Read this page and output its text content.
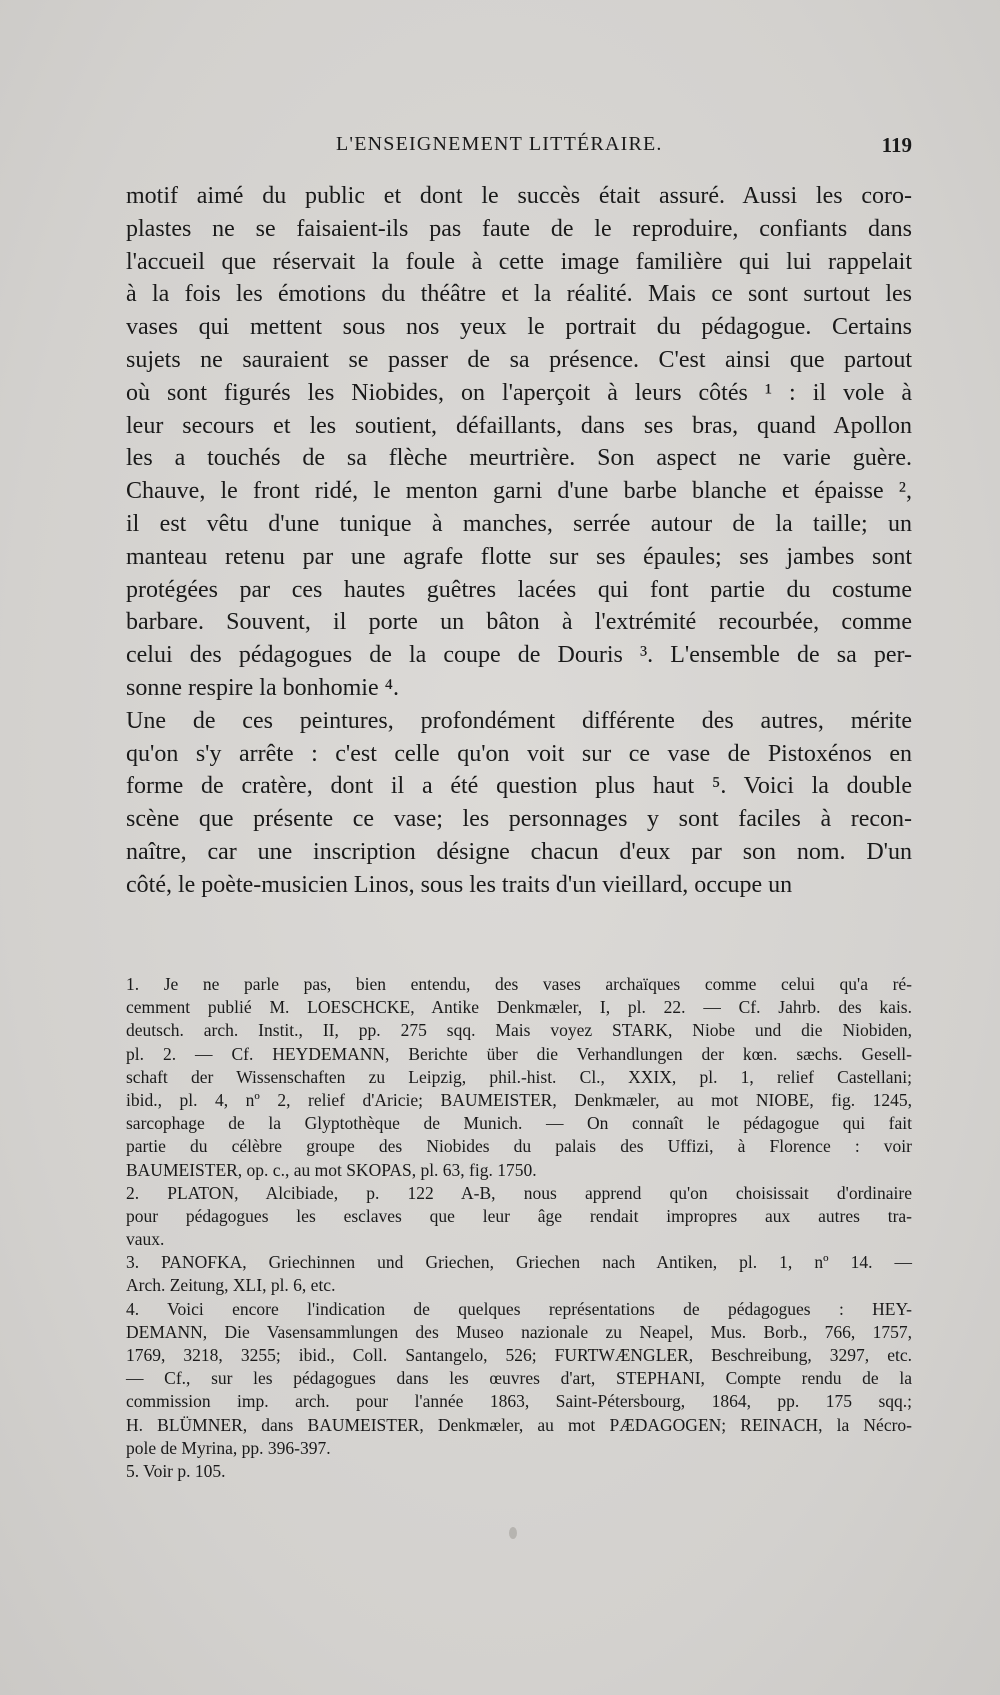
L'ENSEIGNEMENT LITTÉRAIRE.	119
motif aimé du public et dont le succès était assuré. Aussi les coro-
plastes ne se faisaient-ils pas faute de le reproduire, confiants dans
l'accueil que réservait la foule à cette image familière qui lui rappelait
à la fois les émotions du théâtre et la réalité. Mais ce sont surtout les
vases qui mettent sous nos yeux le portrait du pédagogue. Certains
sujets ne sauraient se passer de sa présence. C'est ainsi que partout
où sont figurés les Niobides, on l'aperçoit à leurs côtés ¹ : il vole à
leur secours et les soutient, défaillants, dans ses bras, quand Apollon
les a touchés de sa flèche meurtrière. Son aspect ne varie guère.
Chauve, le front ridé, le menton garni d'une barbe blanche et épaisse ²,
il est vêtu d'une tunique à manches, serrée autour de la taille; un
manteau retenu par une agrafe flotte sur ses épaules; ses jambes sont
protégées par ces hautes guêtres lacées qui font partie du costume
barbare. Souvent, il porte un bâton à l'extrémité recourbée, comme
celui des pédagogues de la coupe de Douris ³. L'ensemble de sa per-
sonne respire la bonhomie ⁴.
Une de ces peintures, profondément différente des autres, mérite
qu'on s'y arrête : c'est celle qu'on voit sur ce vase de Pistoxénos en
forme de cratère, dont il a été question plus haut ⁵. Voici la double
scène que présente ce vase; les personnages y sont faciles à recon-
naître, car une inscription désigne chacun d'eux par son nom. D'un
côté, le poète-musicien Linos, sous les traits d'un vieillard, occupe un
1. Je ne parle pas, bien entendu, des vases archaïques comme celui qu'a ré-
cemment publié M. LOESCHCKE, Antike Denkmæler, I, pl. 22. — Cf. Jahrb. des kais.
deutsch. arch. Instit., II, pp. 275 sqq. Mais voyez STARK, Niobe und die Niobiden,
pl. 2. — Cf. HEYDEMANN, Berichte über die Verhandlungen der kœn. sæchs. Gesell-
schaft der Wissenschaften zu Leipzig, phil.-hist. Cl., XXIX, pl. 1, relief Castellani;
ibid., pl. 4, nº 2, relief d'Aricie; BAUMEISTER, Denkmæler, au mot NIOBE, fig. 1245,
sarcophage de la Glyptothèque de Munich. — On connaît le pédagogue qui fait
partie du célèbre groupe des Niobides du palais des Uffizi, à Florence : voir
BAUMEISTER, op. c., au mot SKOPAS, pl. 63, fig. 1750.
2. PLATON, Alcibiade, p. 122 A-B, nous apprend qu'on choisissait d'ordinaire
pour pédagogues les esclaves que leur âge rendait impropres aux autres tra-
vaux.
3. PANOFKA, Griechinnen und Griechen, Griechen nach Antiken, pl. 1, nº 14. —
Arch. Zeitung, XLI, pl. 6, etc.
4. Voici encore l'indication de quelques représentations de pédagogues : HEY-
DEMANN, Die Vasensammlungen des Museo nazionale zu Neapel, Mus. Borb., 766, 1757,
1769, 3218, 3255; ibid., Coll. Santangelo, 526; FURTWÆNGLER, Beschreibung, 3297, etc.
— Cf., sur les pédagogues dans les œuvres d'art, STEPHANI, Compte rendu de la
commission imp. arch. pour l'année 1863, Saint-Pétersbourg, 1864, pp. 175 sqq.;
H. BLÜMNER, dans BAUMEISTER, Denkmæler, au mot PÆDAGOGEN; REINACH, la Nécro-
pole de Myrina, pp. 396-397.
5. Voir p. 105.
